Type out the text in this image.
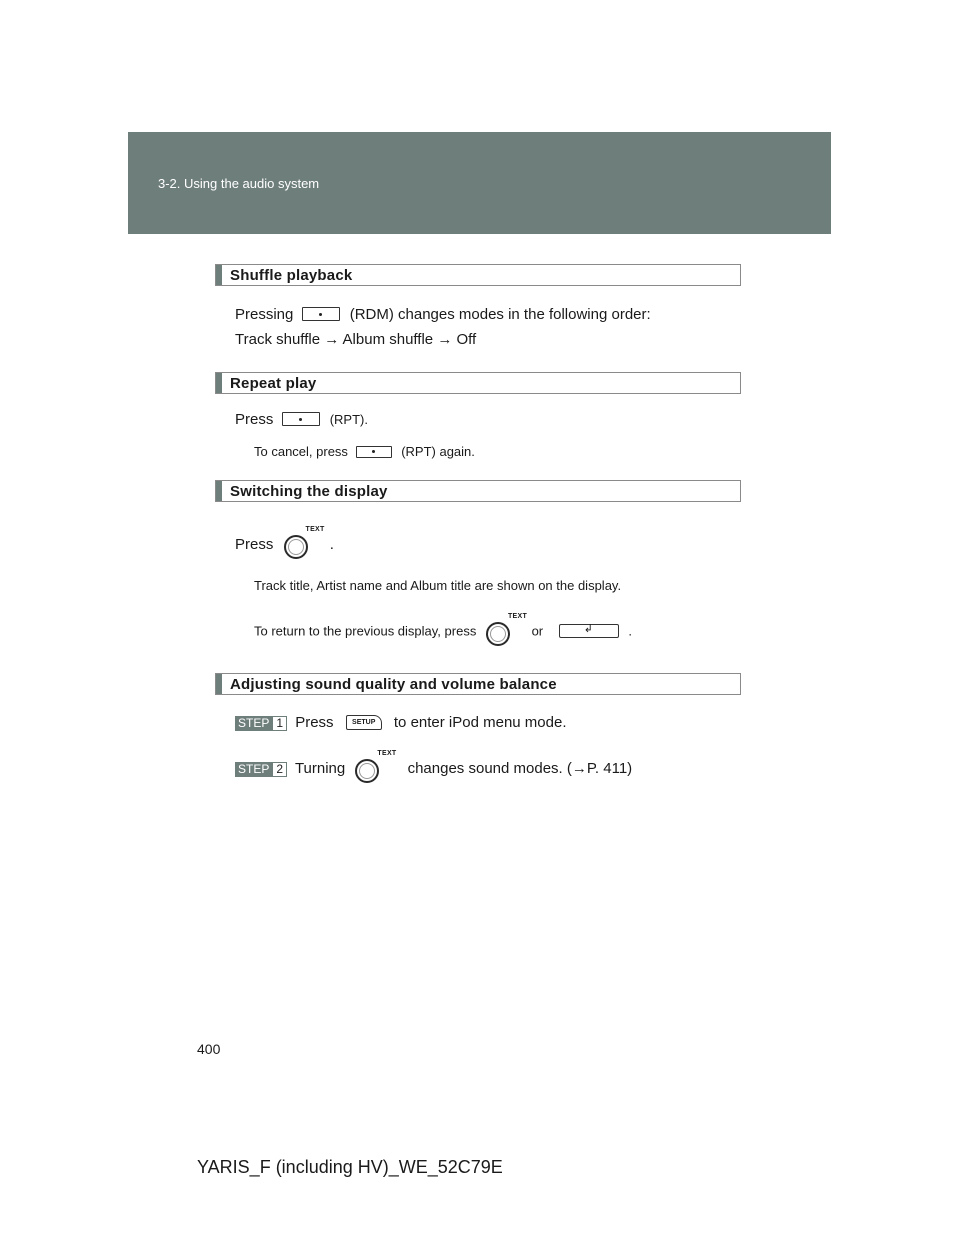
3-2. Using the audio system
Shuffle playback
Pressing	(RDM) changes modes in the following order:
Track shuffle → Album shuffle → Off
Repeat play
Press	(RPT).
To cancel, press	(RPT) again.
Switching the display
Press
TEXT
.
Track title, Artist name and Album title are shown on the display.
To return to the previous display, press
TEXT
or	↲	.
Adjusting sound quality and volume balance
STEP 1 Press	SETUP to enter iPod menu mode.
STEP 2 Turning
TEXT
changes sound modes. (→P. 411)
400
YARIS_F (including HV)_WE_52C79E
